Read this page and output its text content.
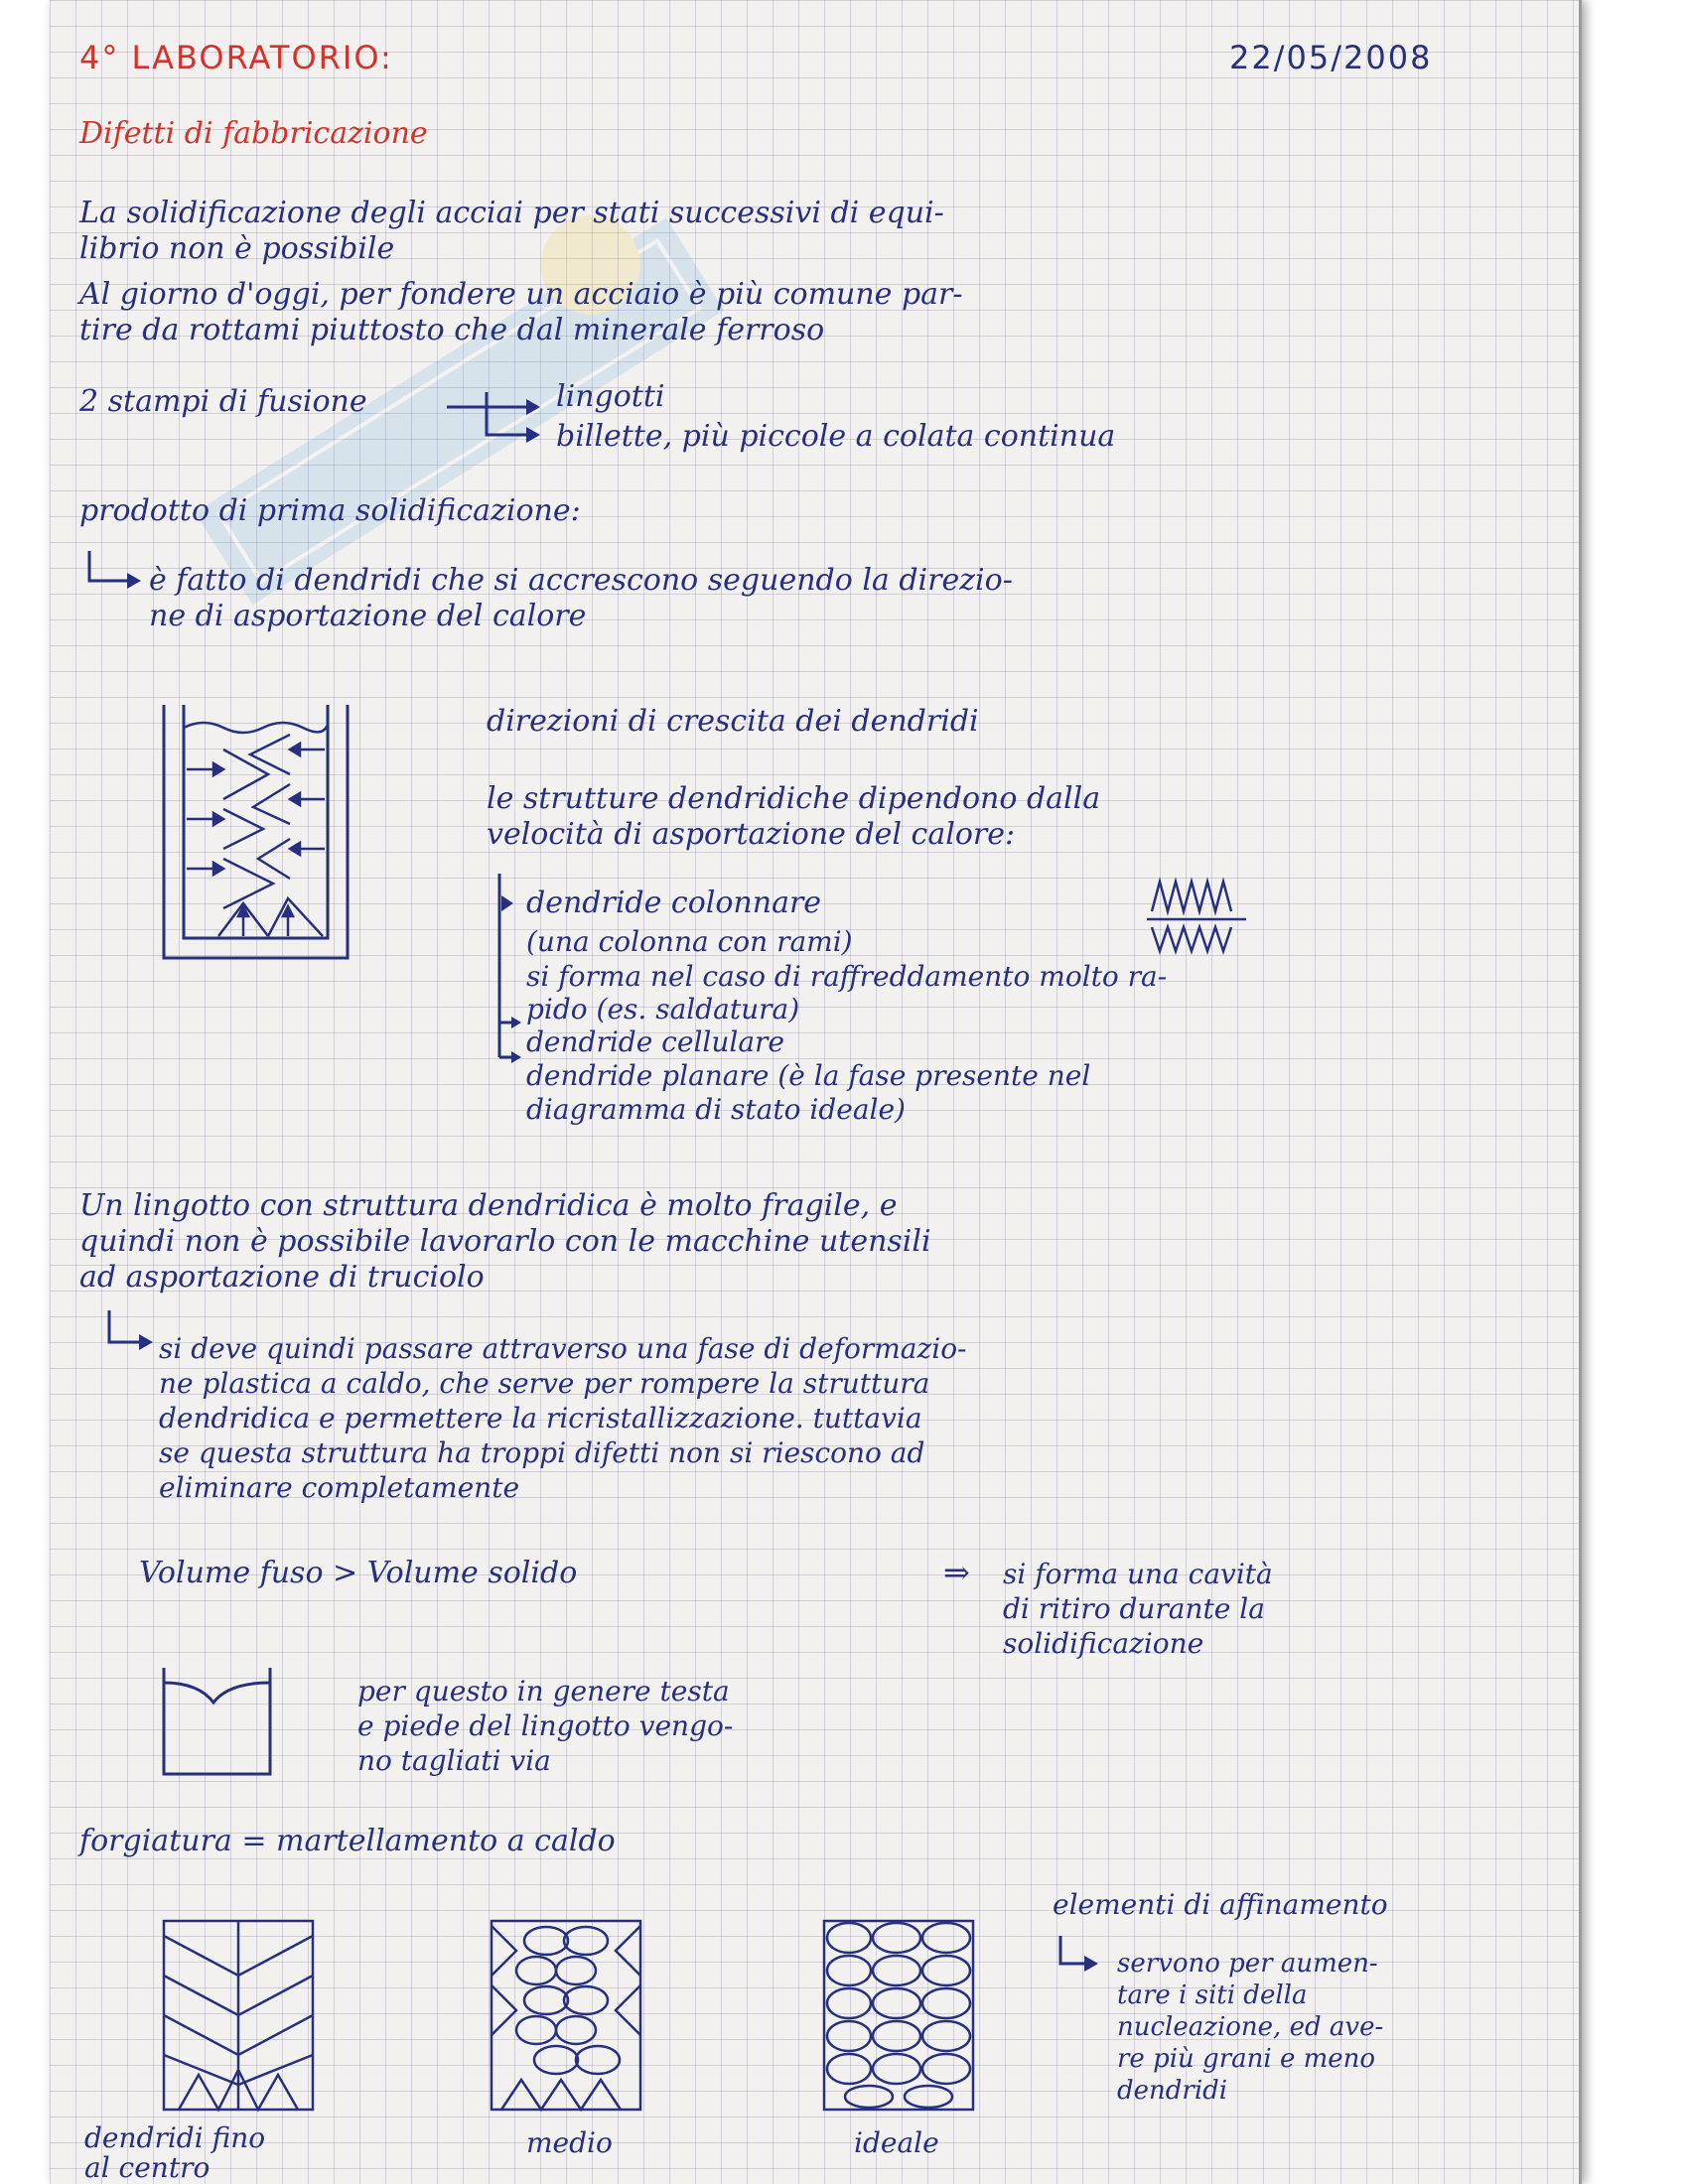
4° LABORATORIO:	22/05/2008
Difetti di fabbricazione
La solidificazione degli acciai per stati successivi di equi-
librio non è possibile
Al giorno d'oggi, per fondere un acciaio è più comune par-
tire da rottami piuttosto che dal minerale ferroso
2 stampi di fusione	lingotti
billette, più piccole a colata continua
prodotto di prima solidificazione:
è fatto di dendridi che si accrescono seguendo la direzio-
ne di asportazione del calore
direzioni di crescita dei dendridi
le strutture dendridiche dipendono dalla
velocità di asportazione del calore:
dendride colonnare
(una colonna con rami)
si forma nel caso di raffreddamento molto ra-
pido (es. saldatura)
dendride cellulare
dendride planare (è la fase presente nel
diagramma di stato ideale)
Un lingotto con struttura dendridica è molto fragile, e
quindi non è possibile lavorarlo con le macchine utensili
ad asportazione di truciolo
si deve quindi passare attraverso una fase di deformazio-
ne plastica a caldo, che serve per rompere la struttura
dendridica e permettere la ricristallizzazione. tuttavia
se questa struttura ha troppi difetti non si riescono ad
eliminare completamente
Volume fuso > Volume solido	⇒ si forma una cavità
di ritiro durante la
solidificazione
per questo in genere testa
e piede del lingotto vengo-
no tagliati via
forgiatura = martellamento a caldo
elementi di affinamento
servono per aumen-
tare i siti della
nucleazione, ed ave-
re più grani e meno
dendridi
dendridi fino
al centro
medio	ideale
